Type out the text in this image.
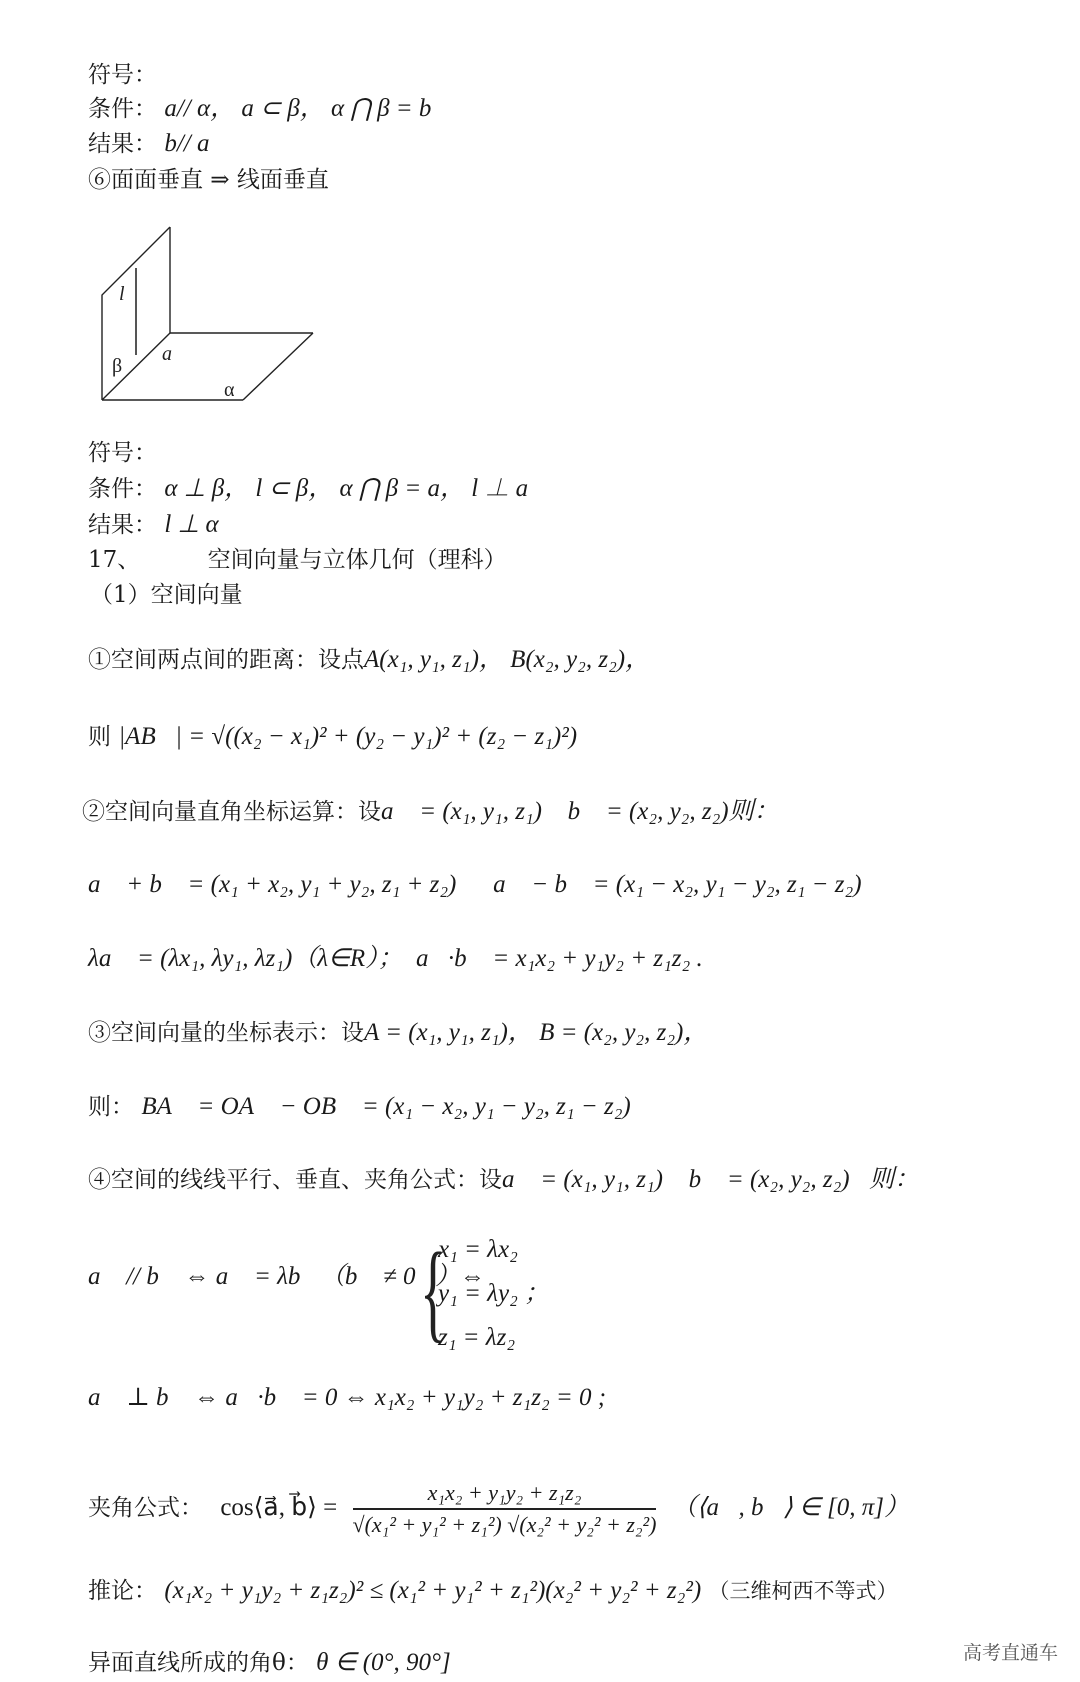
符号：
条件： a// α， a ⊂ β， α ⋂ β = b
结果： b// a
⑥面面垂直 ⇒ 线面垂直
l
β
a
α
符号：
条件： α ⊥ β， l ⊂ β， α ⋂ β = a， l ⊥ a
结果： l ⊥ α
17、	空间向量与立体几何（理科）
（1）空间向量
①空间两点间的距离：设点A(x₁, y₁, z₁)， B(x₂, y₂, z₂)，
则 |AB⃗| = √((x₂ − x₁)² + (y₂ − y₁)² + (z₂ − z₁)²)
②空间向量直角坐标运算：设a⃗ = (x₁, y₁, z₁)， b⃗ = (x₂, y₂, z₂)则：
a⃗ + b⃗ = (x₁ + x₂, y₁ + y₂, z₁ + z₂)； a⃗ − b⃗ = (x₁ − x₂, y₁ − y₂, z₁ − z₂)；
λa⃗ = (λx₁, λy₁, λz₁)（λ∈R）； a⃗·b⃗ = x₁x₂ + y₁y₂ + z₁z₂ .
③空间向量的坐标表示：设A = (x₁, y₁, z₁)， B = (x₂, y₂, z₂)，
则： BA⃗ = OA⃗ − OB⃗ = (x₁ − x₂, y₁ − y₂, z₁ − z₂)
④空间的线线平行、垂直、夹角公式：设a⃗ = (x₁, y₁, z₁)， b⃗ = (x₂, y₂, z₂)，则：
a⃗ // b⃗ ⇔ a⃗ = λb⃗（b⃗ ≠ 0⃗）⇔
{
x₁ = λx₂
y₁ = λy₂ ；
z₁ = λz₂
a⃗ ⊥ b⃗ ⇔ a⃗·b⃗ = 0 ⇔ x₁x₂ + y₁y₂ + z₁z₂ = 0 ;
夹角公式： cos⟨a⃗, b⃗⟩ = $\frac{\text{x₁x₂ + y₁y₂ + z₁z₂}}{\text{√(x₁² + y₁² + z₁²) √(x₂² + y₂² + z₂²)}}$ （⟨a⃗, b⃗⟩ ∈ [0, π]）
推论： (x₁x₂ + y₁y₂ + z₁z₂)² ≤ (x₁² + y₁² + z₁²)(x₂² + y₂² + z₂²) （三维柯西不等式）
异面直线所成的角θ： θ ∈ (0°, 90°]	高考直通车
